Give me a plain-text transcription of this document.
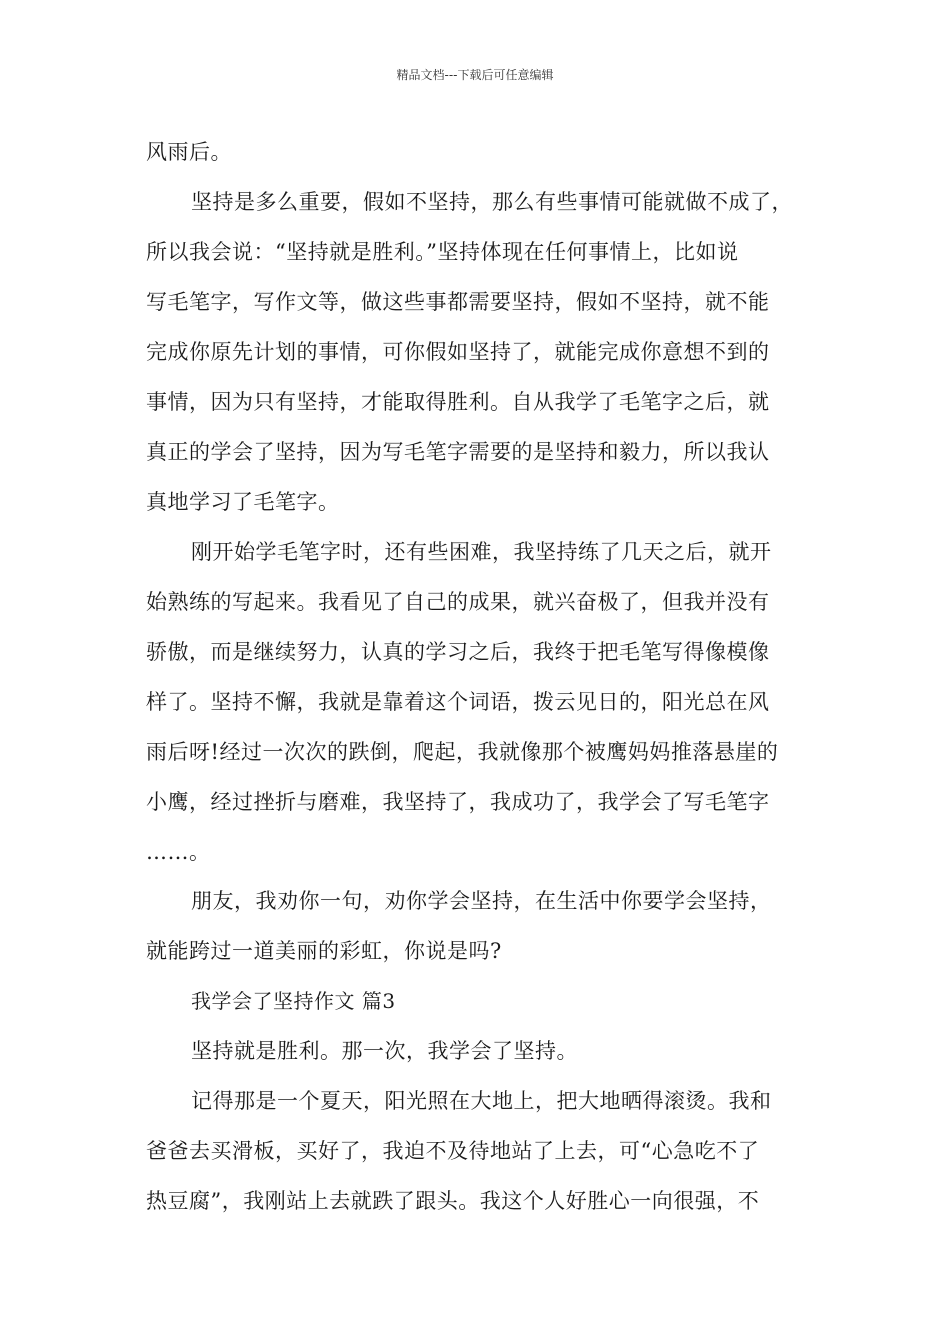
精品文档---下载后可任意编辑
风雨后。
坚持是多么重要，假如不坚持，那么有些事情可能就做不成了，
所以我会说：“坚持就是胜利。”坚持体现在任何事情上，比如说
写毛笔字，写作文等，做这些事都需要坚持，假如不坚持，就不能
完成你原先计划的事情，可你假如坚持了，就能完成你意想不到的
事情，因为只有坚持，才能取得胜利。自从我学了毛笔字之后，就
真正的学会了坚持，因为写毛笔字需要的是坚持和毅力，所以我认
真地学习了毛笔字。
刚开始学毛笔字时，还有些困难，我坚持练了几天之后，就开
始熟练的写起来。我看见了自己的成果，就兴奋极了，但我并没有
骄傲，而是继续努力，认真的学习之后，我终于把毛笔写得像模像
样了。坚持不懈，我就是靠着这个词语，拨云见日的，阳光总在风
雨后呀!经过一次次的跌倒，爬起，我就像那个被鹰妈妈推落悬崖的
小鹰，经过挫折与磨难，我坚持了，我成功了，我学会了写毛笔字
……。
朋友，我劝你一句，劝你学会坚持，在生活中你要学会坚持，
就能跨过一道美丽的彩虹，你说是吗?
我学会了坚持作文 篇3
坚持就是胜利。那一次，我学会了坚持。
记得那是一个夏天，阳光照在大地上，把大地晒得滚烫。我和
爸爸去买滑板，买好了，我迫不及待地站了上去，可“心急吃不了
热豆腐”，我刚站上去就跌了跟头。我这个人好胜心一向很强，不
